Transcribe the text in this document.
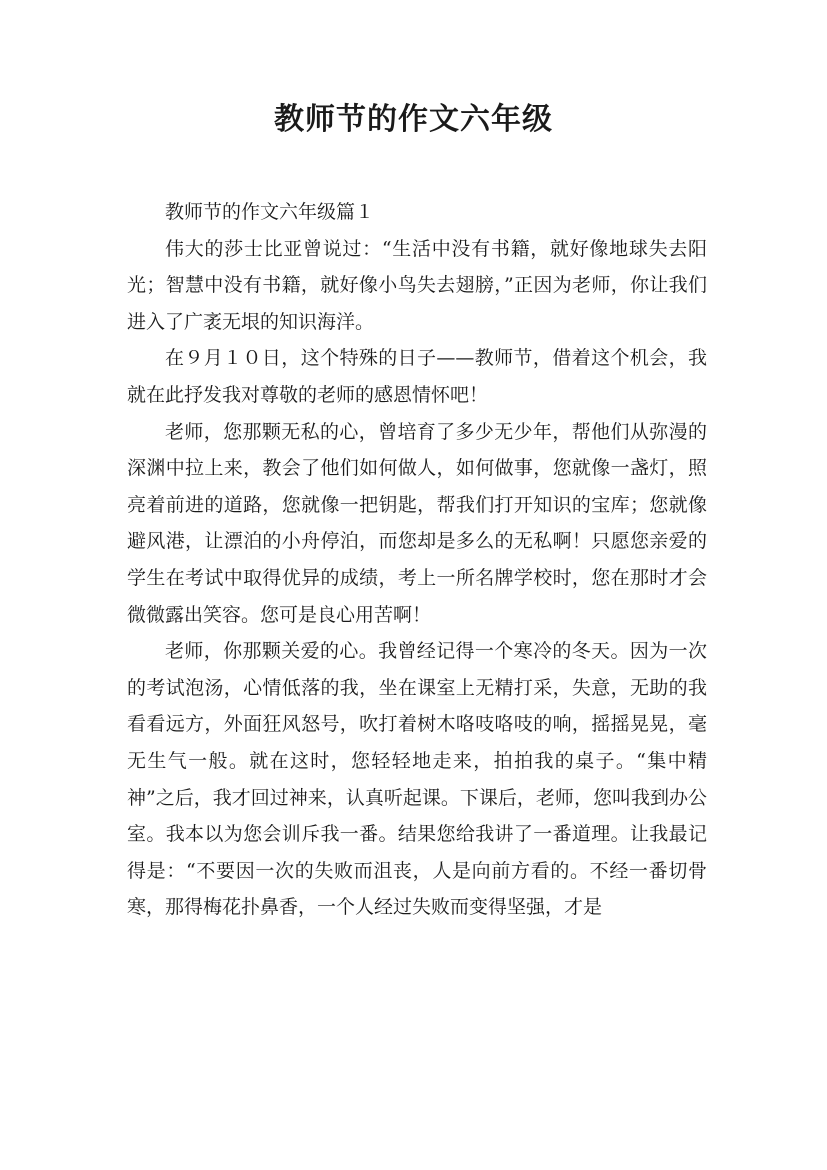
教师节的作文六年级

教师节的作文六年级篇１

伟大的莎士比亚曾说过：“生活中没有书籍，就好像地球失去阳光；智慧中没有书籍，就好像小鸟失去翅膀，”正因为老师，你让我们进入了广袤无垠的知识海洋。

在９月１０日，这个特殊的日子——教师节，借着这个机会，我就在此抒发我对尊敬的老师的感恩情怀吧！

老师，您那颗无私的心，曾培育了多少无少年，帮他们从弥漫的深渊中拉上来，教会了他们如何做人，如何做事，您就像一盏灯，照亮着前进的道路，您就像一把钥匙，帮我们打开知识的宝库；您就像避风港，让漂泊的小舟停泊，而您却是多么的无私啊！只愿您亲爱的学生在考试中取得优异的成绩，考上一所名牌学校时，您在那时才会微微露出笑容。您可是良心用苦啊！

老师，你那颗关爱的心。我曾经记得一个寒冷的冬天。因为一次的考试泡汤，心情低落的我，坐在课室上无精打采，失意，无助的我看看远方，外面狂风怒号，吹打着树木咯吱咯吱的响，摇摇晃晃，毫无生气一般。就在这时，您轻轻地走来，拍拍我的桌子。“集中精神”之后，我才回过神来，认真听起课。下课后，老师，您叫我到办公室。我本以为您会训斥我一番。结果您给我讲了一番道理。让我最记得是：“不要因一次的失败而沮丧，人是向前方看的。不经一番切骨寒，那得梅花扑鼻香，一个人经过失败而变得坚强，才是
